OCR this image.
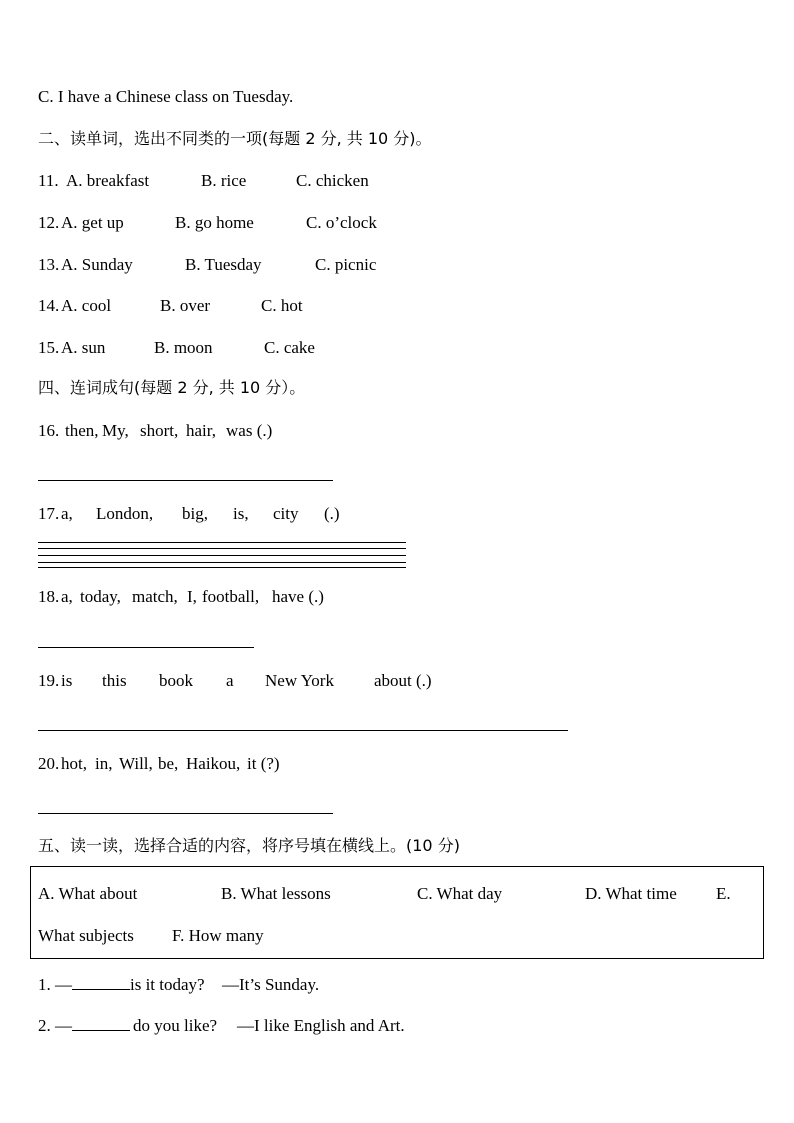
C. I have a Chinese class on Tuesday.
二、读单词，选出不同类的一项(每题 2 分, 共 10 分)。
11. A. breakfast	B. rice	C. chicken
12. A. get up	B. go home	C. o’clock
13. A. Sunday	B. Tuesday	C. picnic
14. A. cool	B. over	C. hot
15. A. sun	B. moon	C. cake
四、连词成句(每题 2 分, 共 10 分）。
16. then, My, short, hair, was (.)
17. a, London, big, is, city (.)
18. a, today, match, I, football, have (.)
19. is this book a New York about (.)
20. hot, in, Will, be, Haikou, it (?)
五、读一读，选择合适的内容，将序号填在横线上。(10 分)
A. What about	B. What lessons	C. What day	D. What time E.
What subjects F. How many
1. —	is it today? —It’s Sunday.
2. —	do you like? —I like English and Art.
